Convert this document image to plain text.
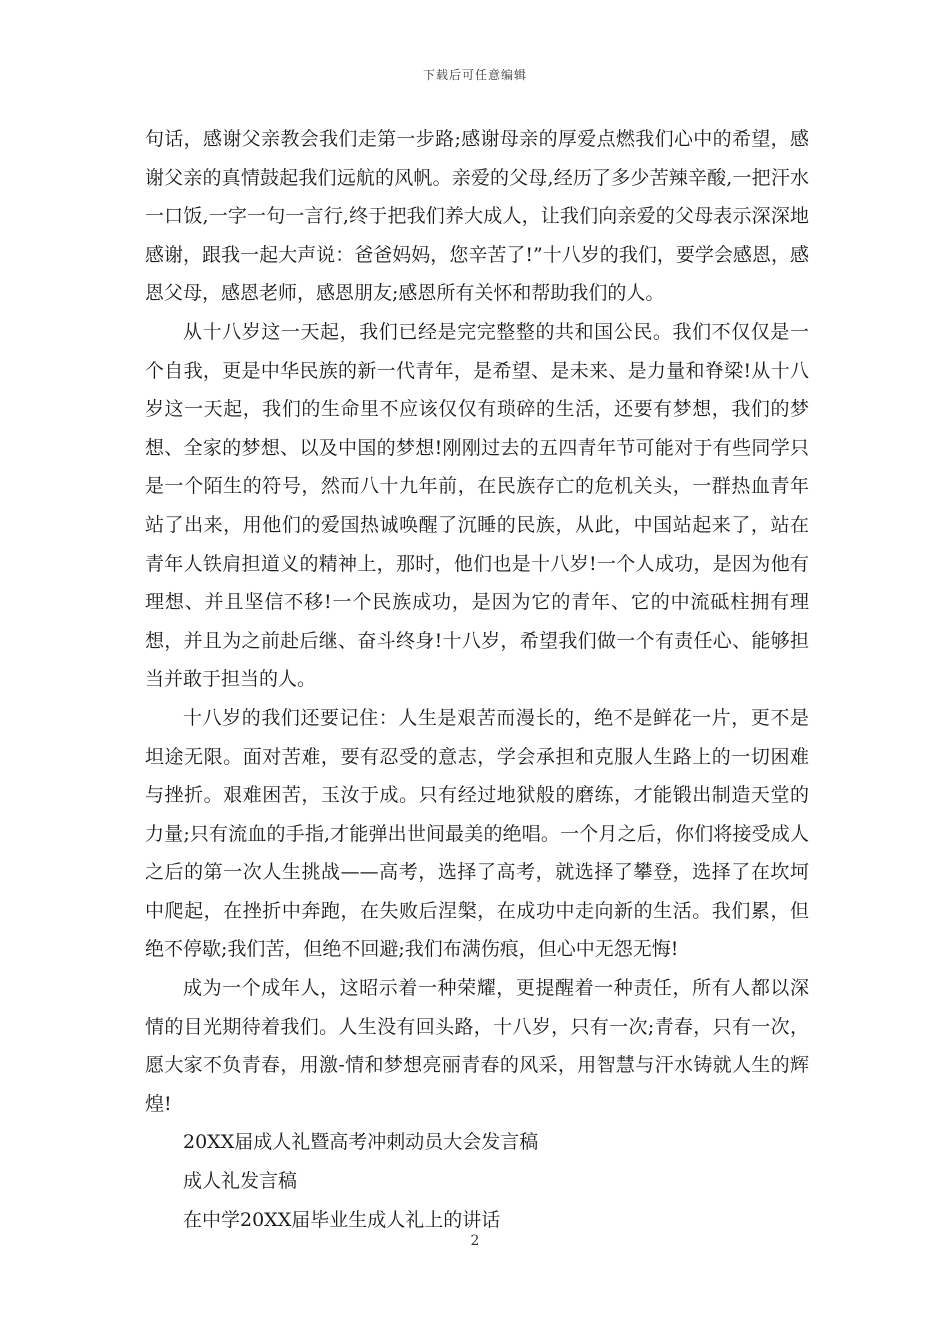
下载后可任意编辑

句话，感谢父亲教会我们走第一步路;感谢母亲的厚爱点燃我们心中的希望，感谢父亲的真情鼓起我们远航的风帆。亲爱的父母,经历了多少苦辣辛酸,一把汗水一口饭,一字一句一言行,终于把我们养大成人，让我们向亲爱的父母表示深深地感谢，跟我一起大声说：爸爸妈妈，您辛苦了!”十八岁的我们，要学会感恩，感恩父母，感恩老师，感恩朋友;感恩所有关怀和帮助我们的人。

从十八岁这一天起，我们已经是完完整整的共和国公民。我们不仅仅是一个自我，更是中华民族的新一代青年，是希望、是未来、是力量和脊梁!从十八岁这一天起，我们的生命里不应该仅仅有琐碎的生活，还要有梦想，我们的梦想、全家的梦想、以及中国的梦想!刚刚过去的五四青年节可能对于有些同学只是一个陌生的符号，然而八十九年前，在民族存亡的危机关头，一群热血青年站了出来，用他们的爱国热诚唤醒了沉睡的民族，从此，中国站起来了，站在青年人铁肩担道义的精神上，那时，他们也是十八岁!一个人成功，是因为他有理想、并且坚信不移!一个民族成功，是因为它的青年、它的中流砥柱拥有理想，并且为之前赴后继、奋斗终身!十八岁，希望我们做一个有责任心、能够担当并敢于担当的人。

十八岁的我们还要记住：人生是艰苦而漫长的，绝不是鲜花一片，更不是坦途无限。面对苦难，要有忍受的意志，学会承担和克服人生路上的一切困难与挫折。艰难困苦，玉汝于成。只有经过地狱般的磨练，才能锻出制造天堂的力量;只有流血的手指,才能弹出世间最美的绝唱。一个月之后，你们将接受成人之后的第一次人生挑战——高考，选择了高考，就选择了攀登，选择了在坎坷中爬起，在挫折中奔跑，在失败后涅槃，在成功中走向新的生活。我们累，但绝不停歇;我们苦，但绝不回避;我们布满伤痕，但心中无怨无悔!

成为一个成年人，这昭示着一种荣耀，更提醒着一种责任，所有人都以深情的目光期待着我们。人生没有回头路，十八岁，只有一次;青春，只有一次，愿大家不负青春，用激-情和梦想亮丽青春的风采，用智慧与汗水铸就人生的辉煌!

20XX届成人礼暨高考冲刺动员大会发言稿

成人礼发言稿

在中学20XX届毕业生成人礼上的讲话

2
